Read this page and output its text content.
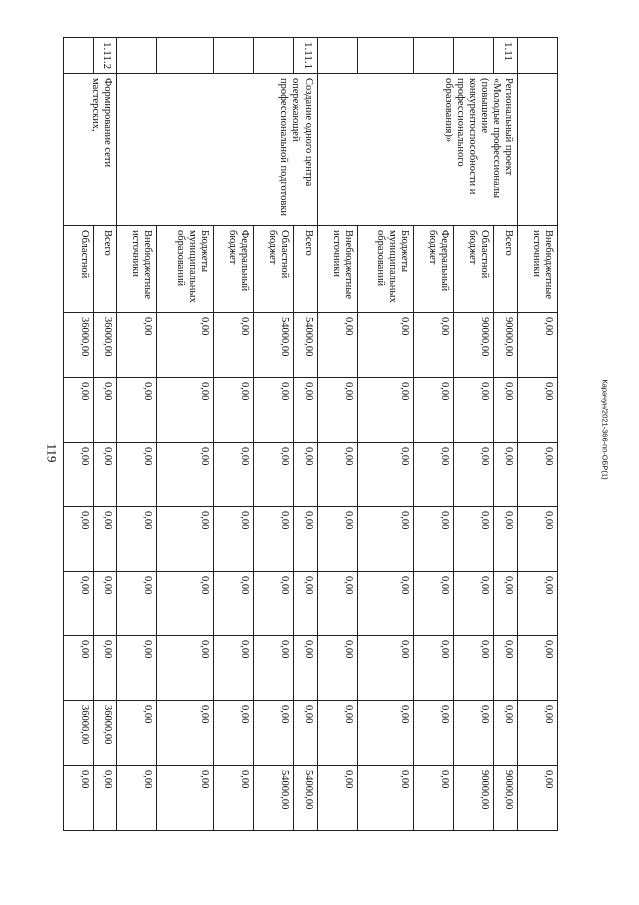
119	Карачун/2021-366-пп-ОБР(1)
		Внебюджетные источники	0,00	0,00	0,00	0,00	0,00	0,00	0,00	0,00
1.11	Региональный проект «Молодые профессионалы (повышение конкурентоспособности и профессионального образования)»	Всего	90000,00	0,00	0,00	0,00	0,00	0,00	0,00	90000,00
		Областной бюджет	90000,00	0,00	0,00	0,00	0,00	0,00	0,00	90000,00
		Федеральный бюджет	0,00	0,00	0,00	0,00	0,00	0,00	0,00	0,00
		Бюджеты муниципальных образований	0,00	0,00	0,00	0,00	0,00	0,00	0,00	0,00
		Внебюджетные источники	0,00	0,00	0,00	0,00	0,00	0,00	0,00	0,00
1.11.1	Создание одного центра опережающей профессиональной подготовки	Всего	54000,00	0,00	0,00	0,00	0,00	0,00	0,00	54000,00
		Областной бюджет	54000,00	0,00	0,00	0,00	0,00	0,00	0,00	54000,00
		Федеральный бюджет	0,00	0,00	0,00	0,00	0,00	0,00	0,00	0,00
		Бюджеты муниципальных образований	0,00	0,00	0,00	0,00	0,00	0,00	0,00	0,00
		Внебюджетные источники	0,00	0,00	0,00	0,00	0,00	0,00	0,00	0,00
1.11.2	Формирование сети мастерских,	Всего	36000,00	0,00	0,00	0,00	0,00	0,00	36000,00	0,00
		Областной	36000,00	0,00	0,00	0,00	0,00	0,00	36000,00	0,00
